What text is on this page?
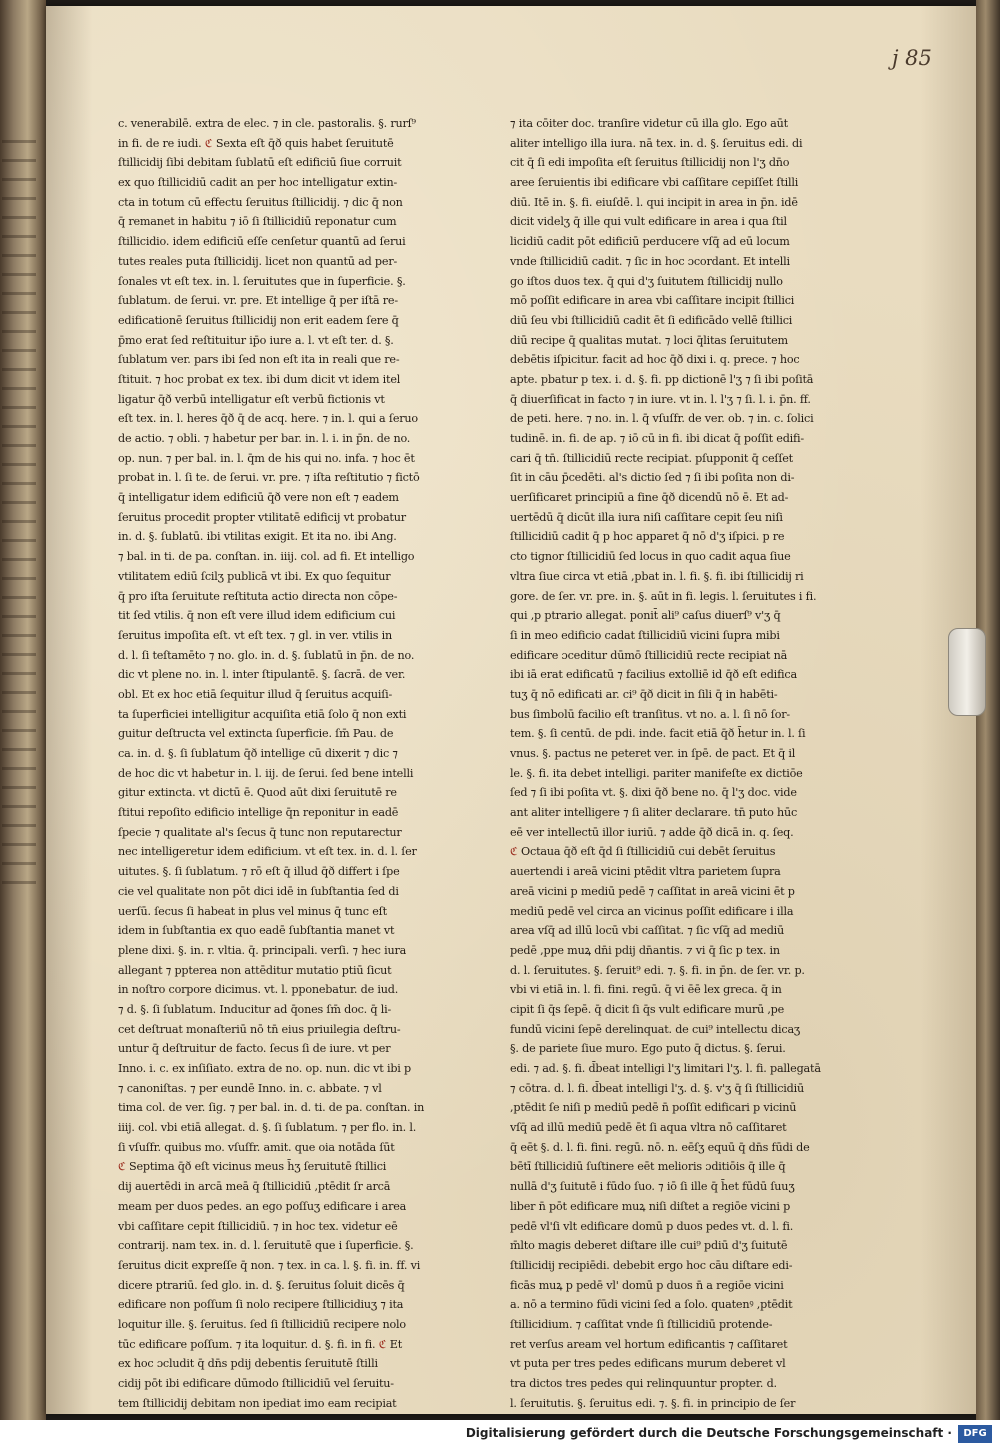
j 85
c. venerabilē. extra de elec. ⁊ in cle. pastoralis. §. rurſ⁹
in fi. de re iudi. ℭ Sexta eſt q̄ð quis habet ſeruitutē
ſtillicidij ſibi debitam ſublatū eſt edificiū ſiue corruit
ex quo ſtillicidiū cadit an per hoc intelligatur extin-
cta in totum cū effectu ſeruitus ſtillicidij. ⁊ dic q̄ non
q̄ remanet in habitu ⁊ iō ſi ſtillicidiū reponatur cum
ſtillicidio. idem edificiū eſſe cenſetur quantū ad ſerui
tutes reales puta ſtillicidij. licet non quantū ad per-
ſonales vt eſt tex. in. l. ſeruitutes que in ſuperficie. §.
ſublatum. de ſerui. vr. pre. Et intellige q̄ per iſtā re-
edificationē ſeruitus ſtillicidij non erit eadem ſere q̄
p̄mo erat ſed reſtituitur ip̄o iure a. l. vt eſt ter. d. §.
ſublatum ver. pars ibi ſed non eſt ita in reali que re-
ſtituit. ⁊ hoc probat ex tex. ibi dum dicit vt idem itel
ligatur q̄ð verbū intelligatur eſt verbū fictionis vt
eſt tex. in. l. heres q̄ð q̄ de acq. here. ⁊ in. l. qui a ſeruo
de actio. ⁊ obli. ⁊ habetur per bar. in. l. i. in p̄n. de no.
op. nun. ⁊ per bal. in. l. q̄m de his qui no. infa. ⁊ hoc ēt
probat in. l. ſi te. de ſerui. vr. pre. ⁊ iſta reſtitutio ⁊ fictō
q̄ intelligatur idem edificiū q̄ð vere non eſt ⁊ eadem
ſeruitus procedit propter vtilitatē edificij vt probatur
in. d. §. ſublatū. ibi vtilitas exigit. Et ita no. ibi Ang.
⁊ bal. in ti. de pa. conſtan. in. iiij. col. ad fi. Et intelligo
vtilitatem ediū ſcilʒ publicā vt ibi. Ex quo ſequitur
q̄ pro iſta ſeruitute reſtituta actio directa non cōpe-
tit ſed vtilis. q̄ non eſt vere illud idem edificium cui
ſeruitus impoſita eſt. vt eſt tex. ⁊ gl. in ver. vtilis in
d. l. ſi teſtamēto ⁊ no. glo. in. d. §. ſublatū in p̄n. de no.
dic vt plene no. in. l. inter ſtipulantē. §. ſacrā. de ver.
obl. Et ex hoc etiā ſequitur illud q̄ ſeruitus acquiſi-
ta ſuperficiei intelligitur acquiſita etiā ſolo q̄ non exti
guitur deſtructa vel extincta ſuperficie. ſm̄ Pau. de
ca. in. d. §. ſi ſublatum q̄ð intellige cū dixerit ⁊ dic ⁊
de hoc dic vt habetur in. l. iij. de ſerui. ſed bene intelli
gitur extincta. vt dictū ē. Quod aūt dixi ſeruitutē re
ſtitui repoſito edificio intellige q̄n reponitur in eadē
ſpecie ⁊ qualitate al's ſecus q̄ tunc non reputarectur
nec intelligeretur idem edificium. vt eſt tex. in. d. l. ſer
uitutes. §. ſi ſublatum. ⁊ rō eſt q̄ illud q̄ð differt i ſpe
cie vel qualitate non pōt dici idē in ſubſtantia ſed di
uerſū. ſecus ſi habeat in plus vel minus q̄ tunc eſt
idem in ſubſtantia ex quo eadē ſubſtantia manet vt
plene dixi. §. in. r. vltia. q̄. principali. verſi. ⁊ hec iura
allegant ⁊ ppterea non attēditur mutatio ptiū ſicut
in noſtro corpore dicimus. vt. l. pponebatur. de iud.
⁊ d. §. ſi ſublatum. Inducitur ad q̄ones ſm̄ doc. q̄ li-
cet deſtruat monaſteriū nō tn̄ eius priuilegia deſtru-
untur q̄ deſtruitur de facto. ſecus ſi de iure. vt per
Inno. i. c. ex inſiſiato. extra de no. op. nun. dic vt ibi p
⁊ canoniſtas. ⁊ per eundē Inno. in. c. abbate. ⁊ vl
tima col. de ver. ſig. ⁊ per bal. in. d. ti. de pa. conſtan. in
iiij. col. vbi etiā allegat. d. §. ſi ſublatum. ⁊ per flo. in. l.
ſi vſuſfr. quibus mo. vſuſfr. amit. que oia notāda ſūt
ℭ Septima q̄ð eſt vicinus meus h̄ʒ ſeruitutē ſtillici
dij auertēdi in arcā meā q̄ ſtillicidiū ,ptēdit ſr arcā
meam per duos pedes. an ego poſſuʒ edificare i area
vbi caſſitare cepit ſtillicidiū. ⁊ in hoc tex. videtur eē
contrarij. nam tex. in. d. l. ſeruitutē que i ſuperficie. §.
ſeruitus dicit expreſſe q̄ non. ⁊ tex. in ca. l. §. fi. in. ff. vi
dicere ptrariū. ſed glo. in. d. §. ſeruitus ſoluit dicēs q̄
edificare non poſſum ſi nolo recipere ſtillicidiuʒ ⁊ ita
loquitur ille. §. ſeruitus. ſed ſi ſtillicidiū recipere nolo
tūc edificare poſſum. ⁊ ita loquitur. d. §. fi. in fi. ℭ Et
ex hoc ɔcludit q̄ dn̄s pdij debentis ſeruitutē ſtilli
cidij pōt ibi edificare dūmodo ſtillicidiū vel ſeruitu-
tem ſtillicidij debitam non ipediat imo eam recipiat
⁊ ita cōiter doc. tranſire videtur cū illa glo. Ego aūt
aliter intelligo illa iura. nā tex. in. d. §. ſeruitus edi. di
cit q̄ ſi edi impoſita eſt ſeruitus ſtillicidij non l'ʒ dn̄o
aree ſeruientis ibi edificare vbi caſſitare cepiſſet ſtilli
diū. Itē in. §. fi. eiuſdē. l. qui incipit in area in p̄n. idē
dicit videlʒ q̄ ille qui vult edificare in area i qua ſtil
licidiū cadit pōt edificiū perducere vſq̄ ad eū locum
vnde ſtillicidiū cadit. ⁊ ſic in hoc ɔcordant. Et intelli
go iſtos duos tex. q̄ qui d'ʒ ſuitutem ſtillicidij nullo
mō poſſit edificare in area vbi caſſitare incipit ſtillici
diū ſeu vbi ſtillicidiū cadit ēt ſi edificādo vellē ſtillici
diū recipe q̄ qualitas mutat. ⁊ loci q̄litas ſeruitutem
debētis iſpicitur. facit ad hoc q̄ð dixi i. q. prece. ⁊ hoc
apte. pbatur p tex. i. d. §. fi. pp dictionē l'ʒ ⁊ ſi ibi poſitā
q̄ diuerſificat in facto ⁊ in iure. vt in. l. l'ʒ ⁊ ſi. l. i. p̄n. ff.
de peti. here. ⁊ no. in. l. q̄ vſuſfr. de ver. ob. ⁊ in. c. ſolici
tudinē. in. fi. de ap. ⁊ iō cū in fi. ibi dicat q̄ poſſit edifi-
cari q̄ tn̄. ſtillicidiū recte recipiat. pſupponit q̄ ceſſet
ſit in cāu p̄cedēti. al's dictio ſed ⁊ ſi ibi poſita non di-
uerſificaret principiū a fine q̄ð dicendū nō ē. Et ad-
uertēdū q̄ dicūt illa iura niſi caſſitare cepit ſeu niſi
ſtillicidiū cadit q̄ p hoc apparet q̄ nō d'ʒ iſpici. p re
cto tignor ſtillicidiū ſed locus in quo cadit aqua ſiue
vltra ſiue circa vt etiā ,pbat in. l. fi. §. fi. ibi ſtillicidij ri
gore. de ſer. vr. pre. in. §. aūt in fi. legis. l. ſeruitutes i fi.
qui ,p ptrario allegat. ponit̄ ali⁹ caſus diuerſ⁹ v'ʒ q̄
ſi in meo edificio cadat ſtillicidiū vicini ſupra mibi
edificare ɔceditur dūmō ſtillicidiū recte recipiat nā
ibi iā erat edificatū ⁊ facilius extolliē id q̄ð eſt edifica
tuʒ q̄ nō edificati ar. ci⁹ q̄ð dicit in ſili q̄ in habēti-
bus ſimbolū facilio eſt tranſitus. vt no. a. l. ſi nō ſor-
tem. §. ſi centū. de pdi. inde. facit etiā q̄ð h̄etur in. l. ſi
vnus. §. pactus ne peteret ver. in ſpē. de pact. Et q̄ il
le. §. fi. ita debet intelligi. pariter manifeſte ex dictiōe
ſed ⁊ ſi ibi poſita vt. §. dixi q̄ð bene no. q̄ l'ʒ doc. vide
ant aliter intelligere ⁊ ſi aliter declarare. tn̄ puto hūc
eē ver intellectū illor iuriū. ⁊ adde q̄ð dicā in. q. ſeq.
ℭ Octaua q̄ð eſt q̄d ſi ſtillicidiū cui debēt ſeruitus
auertendi i areā vicini ptēdit vltra parietem ſupra
areā vicini p mediū pedē ⁊ caſſitat in areā vicini ēt p
mediū pedē vel circa an vicinus poſſit edificare i illa
area vſq̄ ad illū locū vbi caſſitat. ⁊ ſic vſq̄ ad mediū
pedē ,ppe muꝝ dn̄i pdij dn̄antis. ⁊ vi q̄ ſic p tex. in
d. l. ſeruitutes. §. ſeruit⁹ edi. ⁊. §. fi. in p̄n. de ſer. vr. p.
vbi vi etiā in. l. fi. fini. regū. q̄ vi ēē lex greca. q̄ in
cipit ſi q̄s ſepē. q̄ dicit ſi q̄s vult edificare murū ,pe
fundū vicini ſepē derelinquat. de cui⁹ intellectu dicaʒ
§. de pariete ſiue muro. Ego puto q̄ dictus. §. ſerui.
edi. ⁊ ad. §. fi. d̄beat intelligi l'ʒ limitari l'ʒ. l. fi. pallegatā
⁊ cōtra. d. l. fi. d̄beat intelligi l'ʒ. d. §. v'ʒ q̄ ſi ſtillicidiū
,ptēdit ſe niſi p mediū pedē n̄ poſſit edificari p vicinū
vſq̄ ad illū mediū pedē ēt ſi aqua vltra nō caſſitaret
q̄ eēt §. d. l. fi. fini. regū. nō. n. eēſʒ equū q̄ dn̄s fūdi de
bētī ſtillicidiū ſuſtinere eēt melioris ɔditiōis q̄ ille q̄
nullā d'ʒ ſuitutē i fūdo ſuo. ⁊ iō ſi ille q̄ h̄et fūdū ſuuʒ
liber n̄ pōt edificare muꝝ niſi diſtet a regiōe vicini p
pedē vl'ſi vlt edificare domū p duos pedes vt. d. l. fi.
m̄lto magis deberet diſtare ille cui⁹ pdiū d'ʒ ſuitutē
ſtillicidij recipiēdi. debebit ergo hoc cāu diſtare edi-
ficās muꝝ p pedē vl' domū p duos n̄ a regiōe vicini
a. nō a termino fūdi vicini ſed a ſolo. quatenꝰ ,ptēdit
ſtillicidium. ⁊ caſſitat vnde ſi ſtillicidiū protende-
ret verſus aream vel hortum edificantis ⁊ caſſitaret
vt puta per tres pedes edificans murum deberet vl
tra dictos tres pedes qui relinquuntur propter. d.
l. ſeruitutis. §. ſeruitus edi. ⁊. §. fi. in principio de ſer
Digitalisierung gefördert durch die Deutsche Forschungsgemeinschaft ·	DFG
